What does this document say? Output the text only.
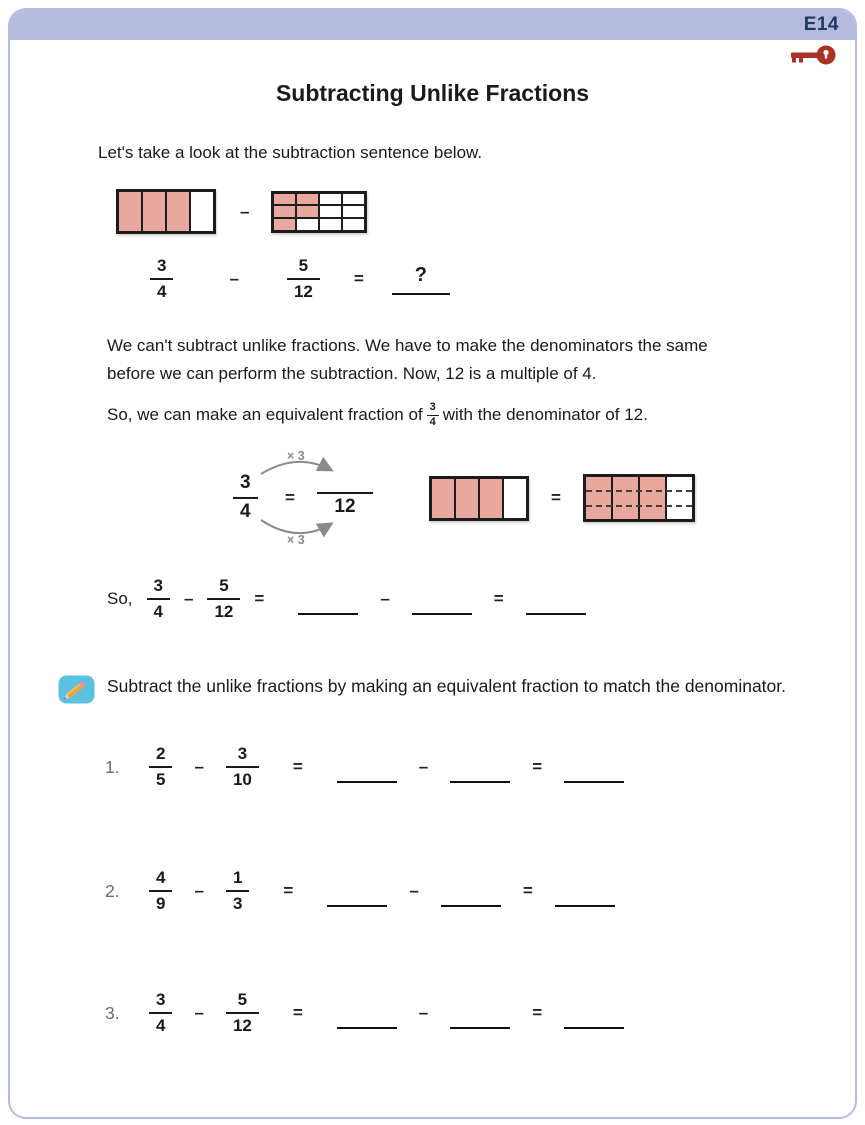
E14
Subtracting Unlike Fractions
Let's take a look at the subtraction sentence below.
–
$\frac{3}{4}$	–	$\frac{5}{12}$ =	?
We can't subtract unlike fractions. We have to make the denominators the same
before we can perform the subtraction. Now, 12 is a multiple of 4.
So, we can make an equivalent fraction of $\frac{3}{4}$ with the denominator of 12.
× 3
× 3
$\frac{3}{4}$ =	12	=
So, $\frac{3}{4} - \frac{5}{12}$ =	–	=
Subtract the unlike fractions by making an equivalent fraction to match the denominator.
1.	$\frac{2}{5} - \frac{3}{10}$ =	–	=
2.	$\frac{4}{9} - \frac{1}{3}$ =	–	=
3.	$\frac{3}{4} - \frac{5}{12}$ =	–	=
